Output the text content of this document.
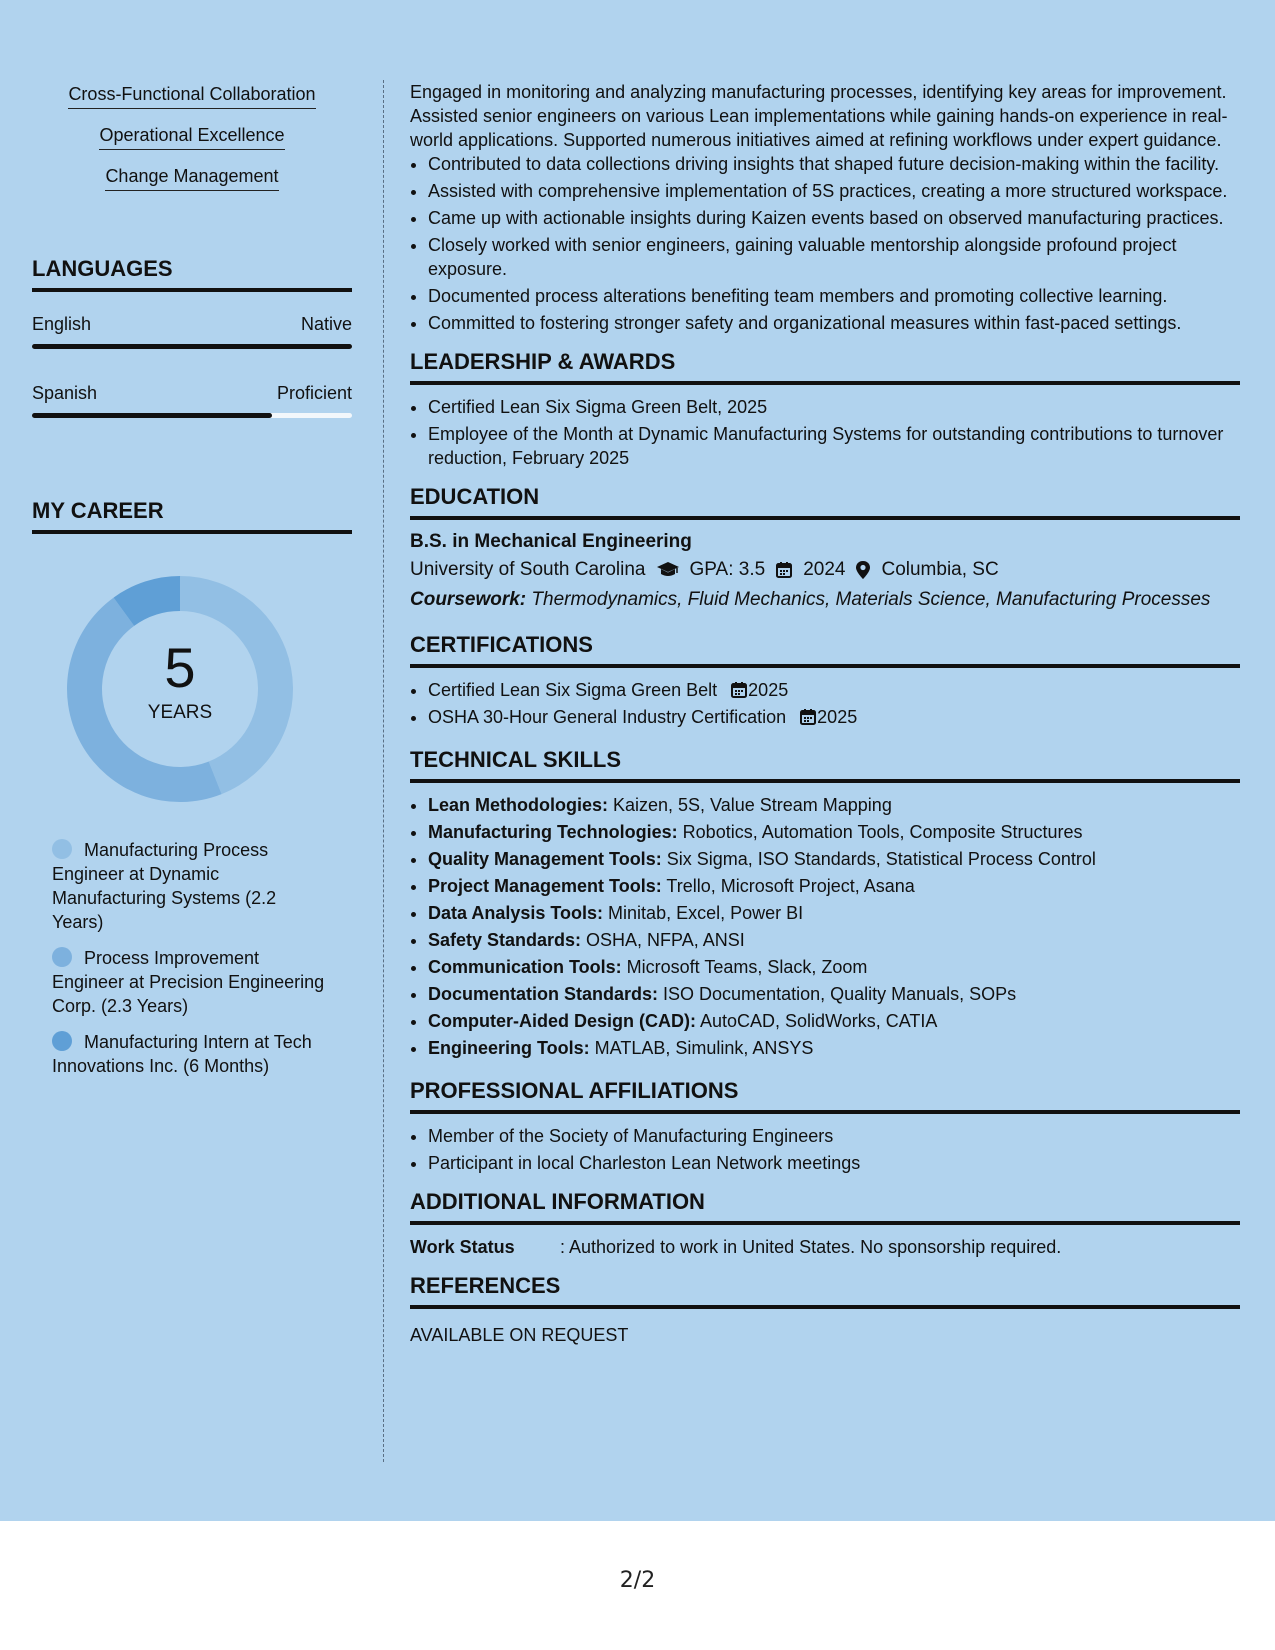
Cross-Functional Collaboration
Operational Excellence
Change Management
LANGUAGES
English	Native
Spanish	Proficient
MY CAREER
5
YEARS
Manufacturing Process Engineer at Dynamic Manufacturing Systems (2.2 Years)
Process Improvement Engineer at Precision Engineering Corp. (2.3 Years)
Manufacturing Intern at Tech Innovations Inc. (6 Months)

Engaged in monitoring and analyzing manufacturing processes, identifying key areas for improvement. Assisted senior engineers on various Lean implementations while gaining hands-on experience in real-world applications. Supported numerous initiatives aimed at refining workflows under expert guidance.

• Contributed to data collections driving insights that shaped future decision-making within the facility.
• Assisted with comprehensive implementation of 5S practices, creating a more structured workspace.
• Came up with actionable insights during Kaizen events based on observed manufacturing practices.
• Closely worked with senior engineers, gaining valuable mentorship alongside profound project exposure.
• Documented process alterations benefiting team members and promoting collective learning.
• Committed to fostering stronger safety and organizational measures within fast-paced settings.
LEADERSHIP & AWARDS
• Certified Lean Six Sigma Green Belt, 2025
• Employee of the Month at Dynamic Manufacturing Systems for outstanding contributions to turnover reduction, February 2025
EDUCATION
B.S. in Mechanical Engineering
University of South Carolina GPA: 3.5 2024 Columbia, SC
Coursework: Thermodynamics, Fluid Mechanics, Materials Science, Manufacturing Processes
CERTIFICATIONS
• Certified Lean Six Sigma Green Belt 2025
• OSHA 30-Hour General Industry Certification 2025
TECHNICAL SKILLS
• Lean Methodologies: Kaizen, 5S, Value Stream Mapping
• Manufacturing Technologies: Robotics, Automation Tools, Composite Structures
• Quality Management Tools: Six Sigma, ISO Standards, Statistical Process Control
• Project Management Tools: Trello, Microsoft Project, Asana
• Data Analysis Tools: Minitab, Excel, Power BI
• Safety Standards: OSHA, NFPA, ANSI
• Communication Tools: Microsoft Teams, Slack, Zoom
• Documentation Standards: ISO Documentation, Quality Manuals, SOPs
• Computer-Aided Design (CAD): AutoCAD, SolidWorks, CATIA
• Engineering Tools: MATLAB, Simulink, ANSYS
PROFESSIONAL AFFILIATIONS
• Member of the Society of Manufacturing Engineers
• Participant in local Charleston Lean Network meetings
ADDITIONAL INFORMATION
Work Status	: Authorized to work in United States. No sponsorship required.
REFERENCES
AVAILABLE ON REQUEST
2/2
